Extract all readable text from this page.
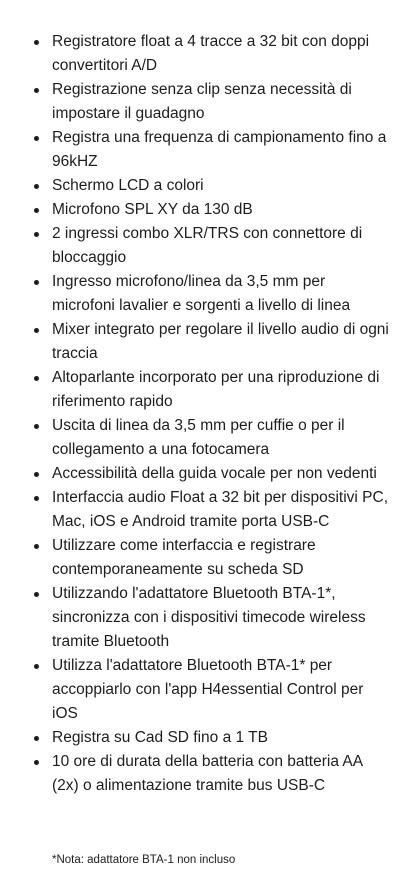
Registratore float a 4 tracce a 32 bit con doppi convertitori A/D
Registrazione senza clip senza necessità di impostare il guadagno
Registra una frequenza di campionamento fino a 96kHZ
Schermo LCD a colori
Microfono SPL XY da 130 dB
2 ingressi combo XLR/TRS con connettore di bloccaggio
Ingresso microfono/linea da 3,5 mm per microfoni lavalier e sorgenti a livello di linea
Mixer integrato per regolare il livello audio di ogni traccia
Altoparlante incorporato per una riproduzione di riferimento rapido
Uscita di linea da 3,5 mm per cuffie o per il collegamento a una fotocamera
Accessibilità della guida vocale per non vedenti
Interfaccia audio Float a 32 bit per dispositivi PC, Mac, iOS e Android tramite porta USB-C
Utilizzare come interfaccia e registrare contemporaneamente su scheda SD
Utilizzando l'adattatore Bluetooth BTA-1*, sincronizza con i dispositivi timecode wireless tramite Bluetooth
Utilizza l'adattatore Bluetooth BTA-1* per accoppiarlo con l'app H4essential Control per iOS
Registra su Cad SD fino a 1 TB
10 ore di durata della batteria con batteria AA (2x) o alimentazione tramite bus USB-C
*Nota: adattatore BTA-1 non incluso
